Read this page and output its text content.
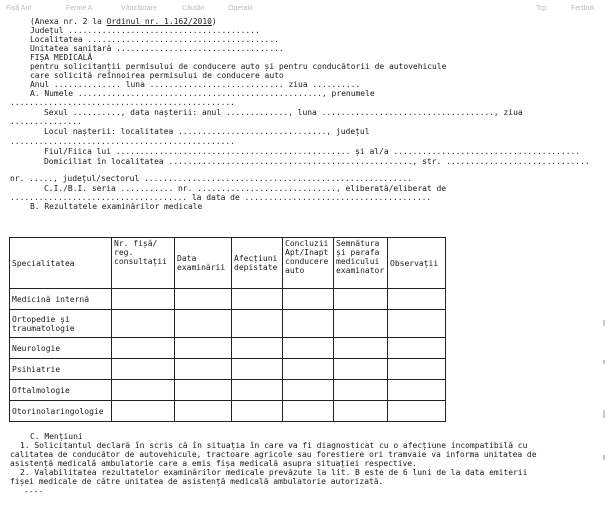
Fișă Ant	Ferme A	Vânzătoare	Căutări	Operatii	Tcp	Fertbuk
(Anexa nr. 2 la Ordinul nr. 1.162/2010)
Județul ........................................
Localitatea ........................................
Unitatea sanitară ...................................
FIȘA MEDICALĂ
pentru solicitanții permisului de conducere auto și pentru conducătorii de autovehicule
care solicită reînnoirea permisului de conducere auto
Anul .............. luna ............................ ziua ..........
A. Numele ..................................................., prenumele
...............................................
Sexul .........., data nașterii: anul ............., luna ...................................., ziua
...............
Locul nașterii: localitatea ..............................., județul
...............................................
Fiul/Fiica lui ................................................. și al/a .......................................
Domiciliat în localitatea ..................................................., str. ..............................
nr. ....., județul/sectorul ........................................................
C.I./B.I. seria ........... nr. ............................., eliberată/eliberat de
..................................... la data de .......................................
B. Rezultatele examinărilor medicale
Specialitatea	Nr. fișă/ reg. consultații	Data examinării	Afecțiuni depistate	Concluzii Apt/Inapt conducere auto	Semnătura și parafa medicului examinator	Observații
Medicină internă						
Ortopedie și traumatologie						
Neurologie						
Psihiatrie						
Oftalmologie						
Otorinolaringologie						
C. Mențiuni
1. Solicitantul declară în scris că în situația în care va fi diagnosticat cu o afecțiune incompatibilă cu
calitatea de conducător de autovehicule, tractoare agricole sau forestiere ori tramvaie va informa unitatea de
asistență medicală ambulatorie care a emis fișa medicală asupra situației respective.
2. Valabilitatea rezultatelor examinărilor medicale prevăzute la lit. B este de 6 luni de la data emiterii
fișei medicale de către unitatea de asistență medicală ambulatorie autorizată.
----
